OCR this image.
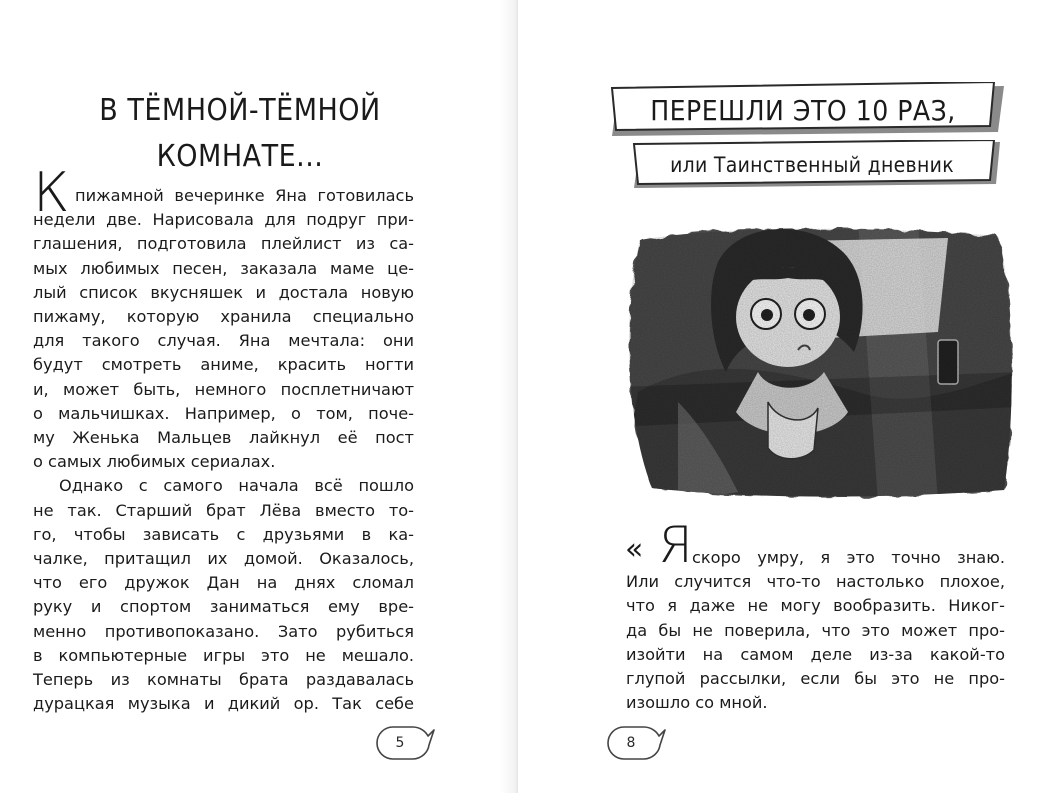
В ТЁМНОЙ-ТЁМНОЙ
КОМНАТЕ...
К пижамной вечеринке Яна готовилась
недели две. Нарисовала для подруг при-
глашения, подготовила плейлист из са-
мых любимых песен, заказала маме це-
лый список вкусняшек и достала новую
пижаму, которую хранила специально
для такого случая. Яна мечтала: они
будут смотреть аниме, красить ногти
и, может быть, немного посплетничают
о мальчишках. Например, о том, поче-
му Женька Мальцев лайкнул её пост
о самых любимых сериалах.
Однако с самого начала всё пошло
не так. Старший брат Лёва вместо то-
го, чтобы зависать с друзьями в ка-
чалке, притащил их домой. Оказалось,
что его дружок Дан на днях сломал
руку и спортом заниматься ему вре-
менно противопоказано. Зато рубиться
в компьютерные игры это не мешало.
Теперь из комнаты брата раздавалась
дурацкая музыка и дикий ор. Так себе
5
ПЕРЕШЛИ ЭТО 10 РАЗ,
или Таинственный дневник
« Я скоро умру, я это точно знаю.
Или случится что-то настолько плохое,
что я даже не могу вообразить. Никог-
да бы не поверила, что это может про-
изойти на самом деле из-за какой-то
глупой рассылки, если бы это не про-
изошло со мной.
8
